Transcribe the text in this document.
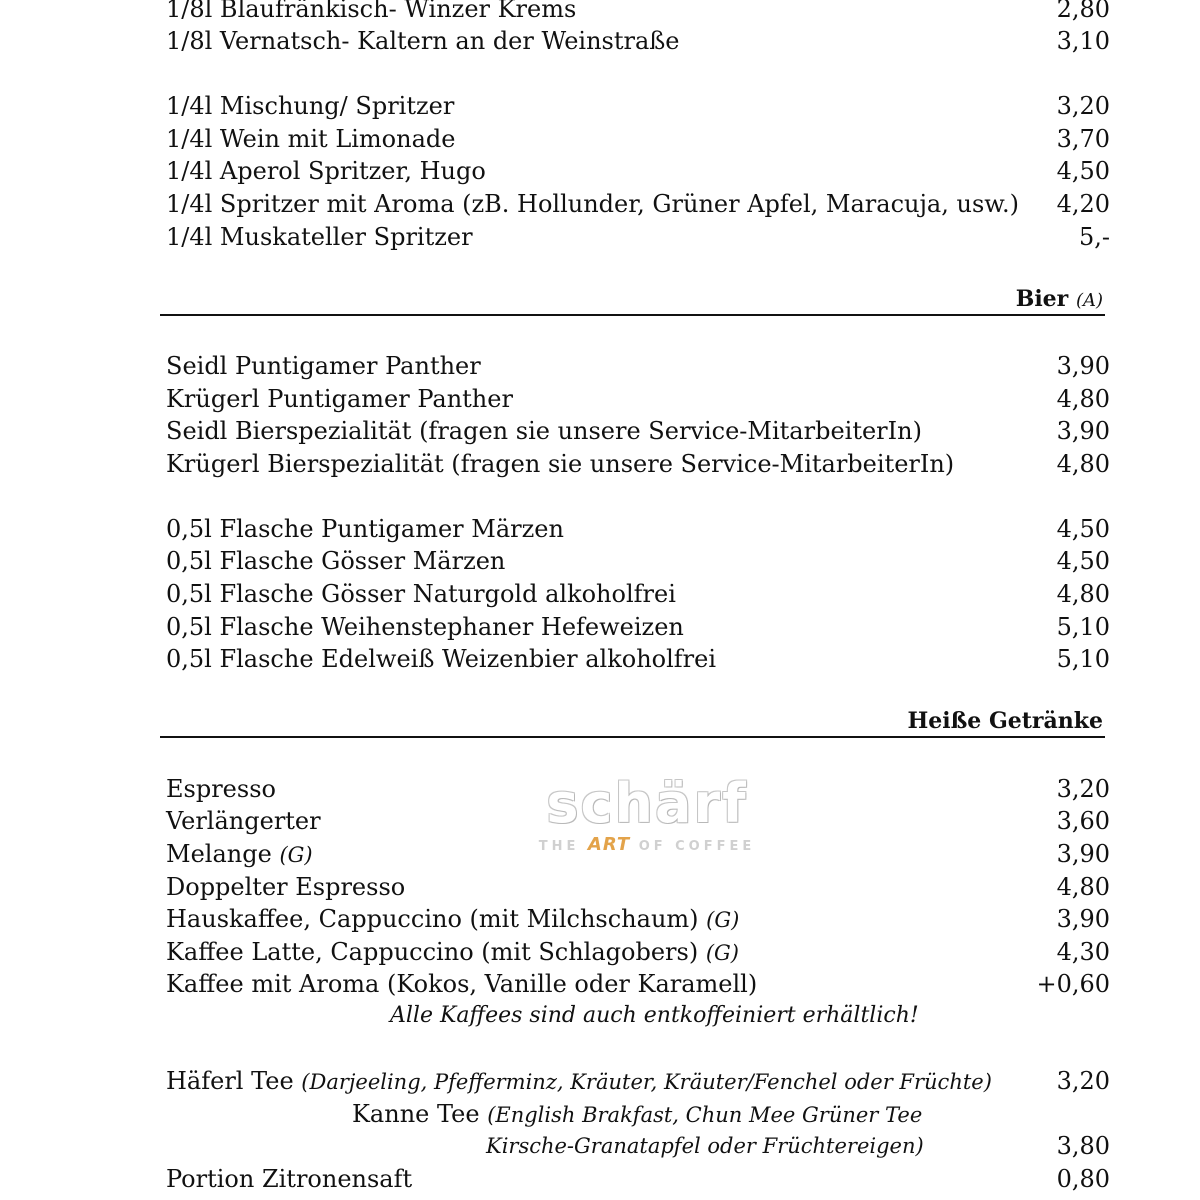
1/8l Blaufränkisch- Winzer Krems	2,80
1/8l Vernatsch- Kaltern an der Weinstraße	3,10
1/4l Mischung/ Spritzer	3,20
1/4l Wein mit Limonade	3,70
1/4l Aperol Spritzer, Hugo	4,50
1/4l Spritzer mit Aroma (zB. Hollunder, Grüner Apfel, Maracuja, usw.) 4,20
1/4l Muskateller Spritzer	5,-
Bier (A)
Seidl Puntigamer Panther	3,90
Krügerl Puntigamer Panther	4,80
Seidl Bierspezialität (fragen sie unsere Service-MitarbeiterIn)	3,90
Krügerl Bierspezialität (fragen sie unsere Service-MitarbeiterIn)	4,80
0,5l Flasche Puntigamer Märzen	4,50
0,5l Flasche Gösser Märzen	4,50
0,5l Flasche Gösser Naturgold alkoholfrei	4,80
0,5l Flasche Weihenstephaner Hefeweizen	5,10
0,5l Flasche Edelweiß Weizenbier alkoholfrei	5,10
Heiße Getränke
schärf
THE ART OF COFFEE
Espresso	3,20
Verlängerter	3,60
Melange (G)	3,90
Doppelter Espresso	4,80
Hauskaffee, Cappuccino (mit Milchschaum) (G)	3,90
Kaffee Latte, Cappuccino (mit Schlagobers) (G)	4,30
Kaffee mit Aroma (Kokos, Vanille oder Karamell)	+0,60
Alle Kaffees sind auch entkoffeiniert erhältlich!
Häferl Tee (Darjeeling, Pfefferminz, Kräuter, Kräuter/Fenchel oder Früchte)	3,20
Kanne Tee (English Brakfast, Chun Mee Grüner Tee
Kirsche-Granatapfel oder Früchtereigen)	3,80
Portion Zitronensaft	0,80
